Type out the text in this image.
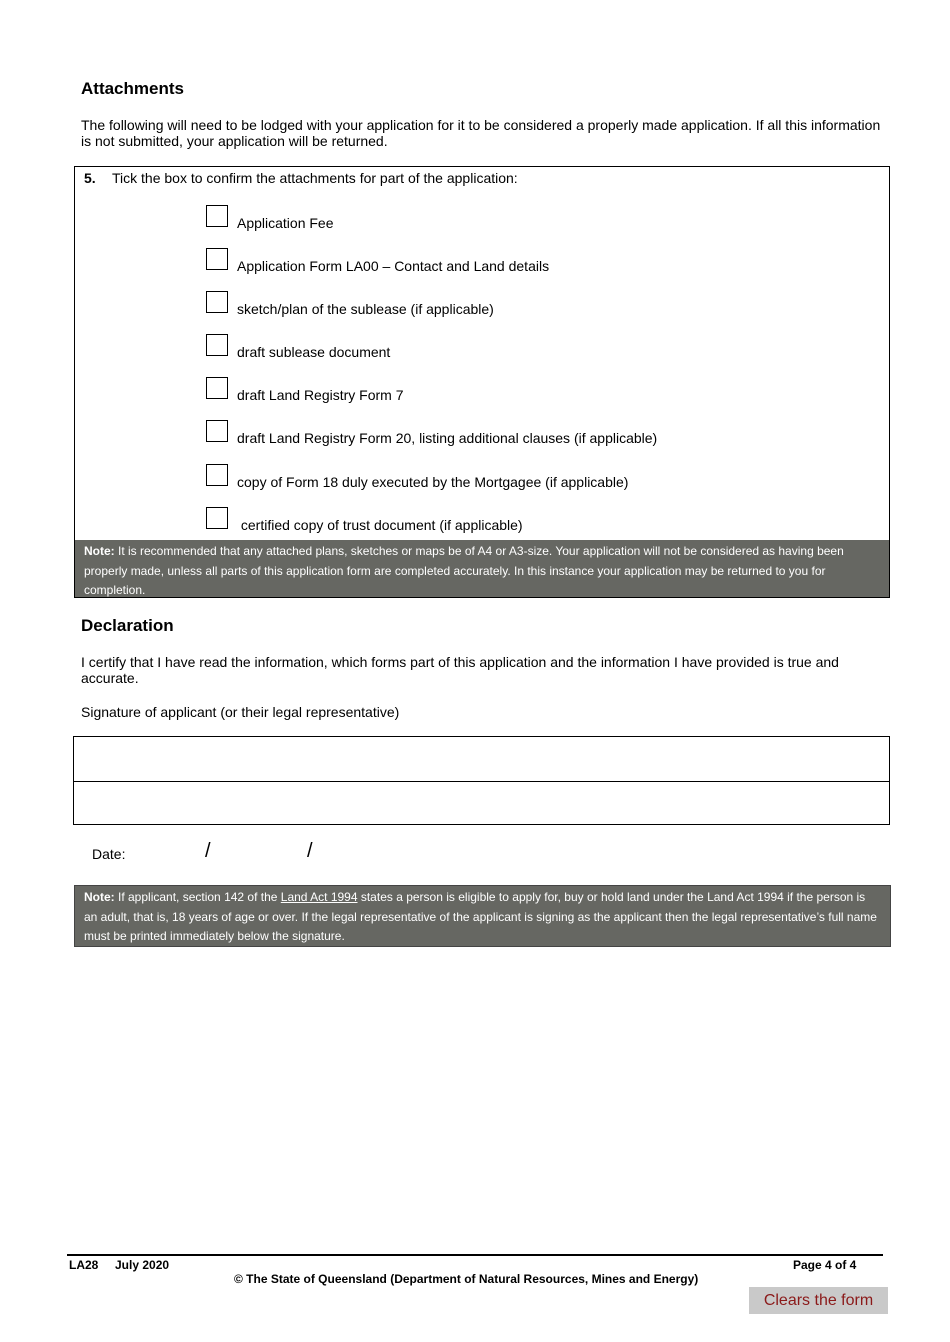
Attachments
The following will need to be lodged with your application for it to be considered a properly made application. If all this information is not submitted, your application will be returned.
5. Tick the box to confirm the attachments for part of the application:
Application Fee
Application Form LA00 – Contact and Land details
sketch/plan of the sublease (if applicable)
draft sublease document
draft Land Registry Form 7
draft Land Registry Form 20, listing additional clauses (if applicable)
copy of Form 18 duly executed by the Mortgagee (if applicable)
certified copy of trust document (if applicable)
Note: It is recommended that any attached plans, sketches or maps be of A4 or A3-size. Your application will not be considered as having been properly made, unless all parts of this application form are completed accurately. In this instance your application may be returned to you for completion.
Declaration
I certify that I have read the information, which forms part of this application and the information I have provided is true and accurate.
Signature of applicant (or their legal representative)
Date:	/	/
Note: If applicant, section 142 of the Land Act 1994 states a person is eligible to apply for, buy or hold land under the Land Act 1994 if the person is an adult, that is, 18 years of age or over. If the legal representative of the applicant is signing as the applicant then the legal representative’s full name must be printed immediately below the signature.
LA28 July 2020	Page 4 of 4
© The State of Queensland (Department of Natural Resources, Mines and Energy)
Clears the form
